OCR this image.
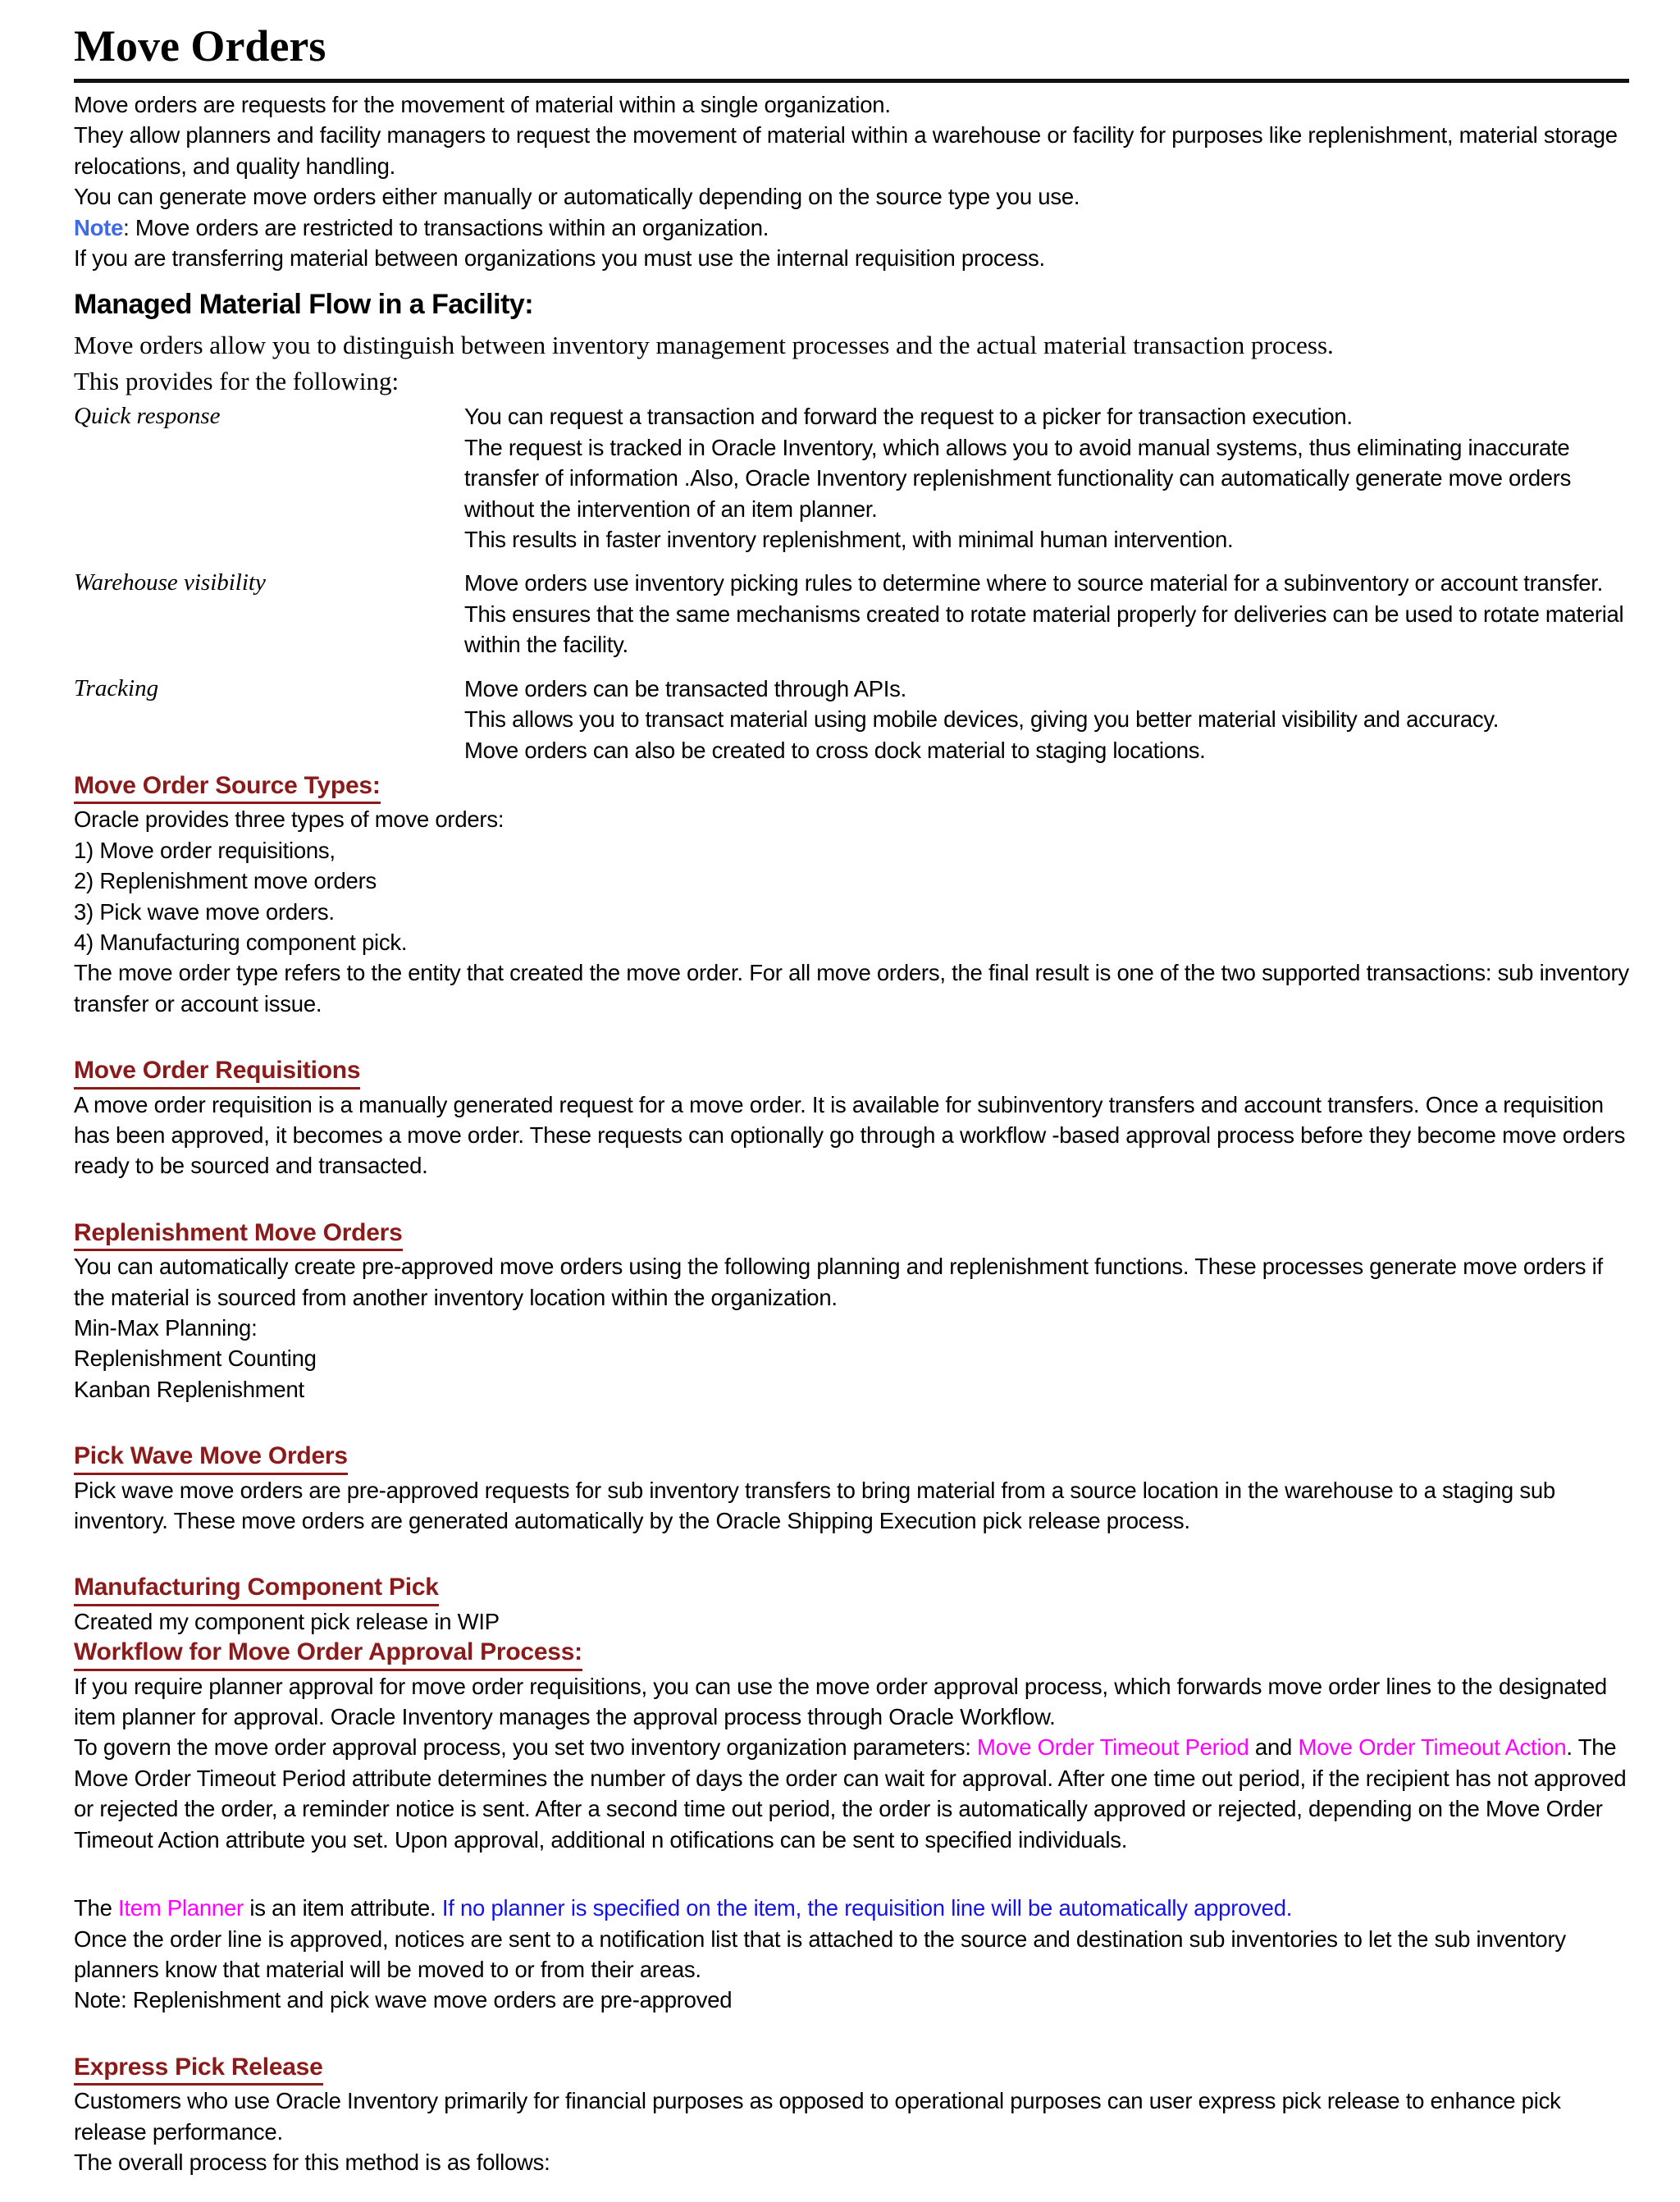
Move Orders

Move orders are requests for the movement of material within a single organization.

They allow planners and facility managers to request the movement of material within a warehouse or facility for purposes like replenishment, material storage relocations, and quality handling.

You can generate move orders either manually or automatically depending on the source type you use.

Note: Move orders are restricted to transactions within an organization.

If you are transferring material between organizations you must use the internal requisition process.

Managed Material Flow in a Facility:

Move orders allow you to distinguish between inventory management processes and the actual material transaction process.

This provides for the following:

Quick response	You can request a transaction and forward the request to a picker for transaction execution.

The request is tracked in Oracle Inventory, which allows you to avoid manual systems, thus eliminating inaccurate transfer of information .Also, Oracle Inventory replenishment functionality can automatically generate move orders without the intervention of an item planner.

This results in faster inventory replenishment, with minimal human intervention.

Warehouse visibility	Move orders use inventory picking rules to determine where to source material for a subinventory or account transfer. This ensures that the same mechanisms created to rotate material properly for deliveries can be used to rotate material within the facility.

Tracking	Move orders can be transacted through APIs.

This allows you to transact material using mobile devices, giving you better material visibility and accuracy.

Move orders can also be created to cross dock material to staging locations.

Move Order Source Types:

Oracle provides three types of move orders:

1) Move order requisitions,

2) Replenishment move orders

3) Pick wave move orders.

4) Manufacturing component pick.

The move order type refers to the entity that created the move order. For all move orders, the final result is one of the two supported transactions: sub inventory transfer or account issue.

Move Order Requisitions

A move order requisition is a manually generated request for a move order. It is available for subinventory transfers and account transfers. Once a requisition has been approved, it becomes a move order. These requests can optionally go through a workflow -based approval process before they become move orders ready to be sourced and transacted.

Replenishment Move Orders

You can automatically create pre-approved move orders using the following planning and replenishment functions. These processes generate move orders if the material is sourced from another inventory location within the organization.

Min-Max Planning:

Replenishment Counting

Kanban Replenishment

Pick Wave Move Orders

Pick wave move orders are pre-approved requests for sub inventory transfers to bring material from a source location in the warehouse to a staging sub inventory. These move orders are generated automatically by the Oracle Shipping Execution pick release process.

Manufacturing Component Pick

Created my component pick release in WIP

Workflow for Move Order Approval Process:

If you require planner approval for move order requisitions, you can use the move order approval process, which forwards move order lines to the designated item planner for approval. Oracle Inventory manages the approval process through Oracle Workflow.

To govern the move order approval process, you set two inventory organization parameters: Move Order Timeout Period and Move Order Timeout Action. The Move Order Timeout Period attribute determines the number of days the order can wait for approval. After one time out period, if the recipient has not approved or rejected the order, a reminder notice is sent. After a second time out period, the order is automatically approved or rejected, depending on the Move Order Timeout Action attribute you set. Upon approval, additional n otifications can be sent to specified individuals.

The Item Planner is an item attribute. If no planner is specified on the item, the requisition line will be automatically approved.

Once the order line is approved, notices are sent to a notification list that is attached to the source and destination sub inventories to let the sub inventory planners know that material will be moved to or from their areas.

Note: Replenishment and pick wave move orders are pre-approved

Express Pick Release

Customers who use Oracle Inventory primarily for financial purposes as opposed to operational purposes can user express pick release to enhance pick release performance.

The overall process for this method is as follows:
